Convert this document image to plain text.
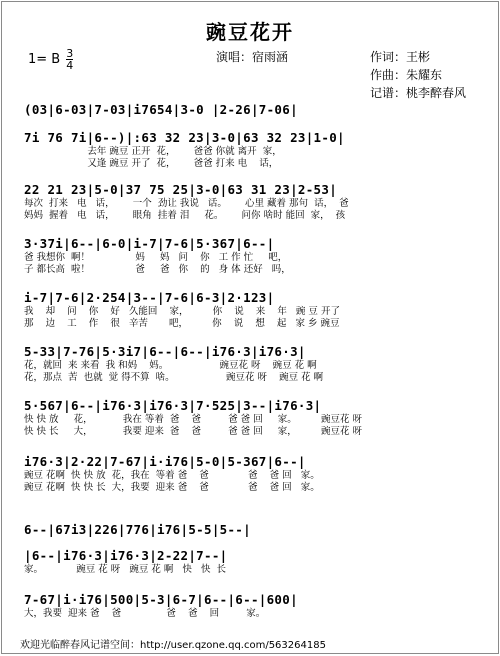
豌豆花开
演唱：宿雨涵	作词：王彬
作曲：朱耀东
记谱：桃李醉春风
1= B $\frac{3}{4}$
(03|6-03|7-03|i7654|3-0 |2-26|7-06|
7i 76 7i|6--)|:63 32 23|3-0|63 32 23|1-0|
去年 豌豆 正开  花，      爸爸 你就 离开  家，
又逢 豌豆 开了  花，      爸爸 打来 电    话，
22 21 23|5-0|37 75 25|3-0|63 31 23|2-53|
每次  打来   电   话，      一个  劲让 我说   话。      心里 藏着 那句  话，  爸
妈妈  握着   电   话，      眼角  挂着 泪     花。      问你 啥时 能回  家，  孩
3·37i|6--|6-0|i-7|7-6|5·367|6--|
爸 我想你  啊！               妈     妈   问    你   工 作 忙     吧，
子 都长高  啦！               爸     爸   你    的   身 体 还好   吗，
i-7|7-6|2·254|3--|7-6|6-3|2·123|
我    却    问    你    好   久能回    家，        你    说    来    年   豌 豆 开了
那    边    工    作    很   辛苦       吧，        你    说    想    起   家 乡 豌豆
5-33|7-76|5·3i7|6--|6--|i76·3|i76·3|
花，就回  来 来看  我 和妈    妈。                 豌豆花 呀    豌豆 花 啊
花，那点  苦  也就  觉 得不算  啥。                 豌豆花 呀    豌豆 花 啊
5·567|6--|i76·3|i76·3|7·525|3--|i76·3|
快 快 放     花，          我在 等着  爸    爸         爸 爸 回     家。        豌豆花 呀
快 快 长     大，          我要 迎来  爸    爸         爸 爸 回     家，        豌豆花 呀
i76·3|2·22|7-67|i·i76|5-0|5-367|6--|
豌豆 花啊  快 快 放  花，我在  等着 爸    爸             爸    爸 回   家。
豌豆 花啊  快 快 长  大，我要  迎来 爸    爸             爸    爸 回   家。
6--|67i3|226|776|i76|5-5|5--|
|6--|i76·3|i76·3|2-22|7--|
家。           豌豆 花 呀   豌豆 花 啊   快   快  长
7-67|i·i76|500|5-3|6-7|6--|6--|600|
大，我要  迎来 爸    爸               爸    爸    回         家。
欢迎光临醉春风记谱空间：http://user.qzone.qq.com/563264185
